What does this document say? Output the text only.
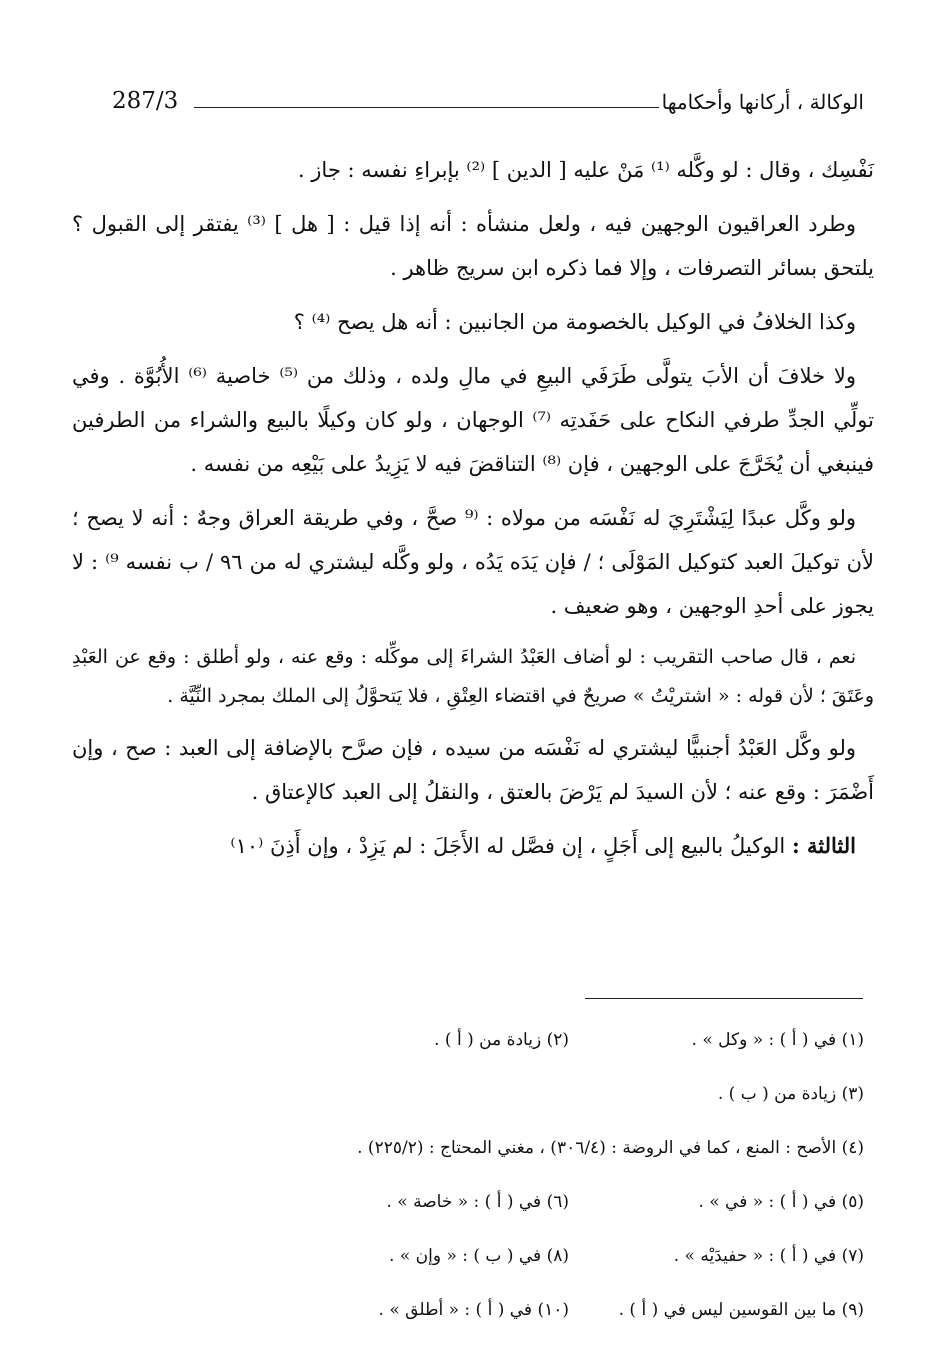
287/3	الوكالة ، أركانها وأحكامها

نَفْسِك ، وقال : لو وكَّله ⁽¹⁾ مَنْ عليه [ الدين ] ⁽²⁾ بإبراءِ نفسه : جاز .

وطرد العراقيون الوجهين فيه ، ولعل منشأه : أنه إذا قيل : [ هل ] ⁽³⁾ يفتقر إلى القبول ؟ يلتحق بسائر التصرفات ، وإلا فما ذكره ابن سريج ظاهر .

وكذا الخلافُ في الوكيل بالخصومة من الجانبين : أنه هل يصح ⁽⁴⁾ ؟

ولا خلافَ أن الأبَ يتولَّى طَرَفَي البيعِ في مالِ ولده ، وذلك من ⁽⁵⁾ خاصية ⁽⁶⁾ الأُبُوَّة . وفي تولِّي الجدِّ طرفي النكاح على حَفَدتِه ⁽⁷⁾ الوجهان ، ولو كان وكيلًا بالبيع والشراء من الطرفين فينبغي أن يُخَرَّجَ على الوجهين ، فإن ⁽⁸⁾ التناقضَ فيه لا يَزِيدُ على بَيْعِه من نفسه .

ولو وكَّل عبدًا لِيَشْتَرِيَ له نَفْسَه من مولاه : ⁽⁹ صحَّ ، وفي طريقة العراق وجهٌ : أنه لا يصح ؛ لأن توكيلَ العبد كتوكيل المَوْلَى ؛ / فإن يَدَه يَدُه ، ولو وكَّله ليشتري له من ٩٦ / ب نفسه ⁹⁾ : لا يجوز على أحدِ الوجهين ، وهو ضعيف .

نعم ، قال صاحب التقريب : لو أضاف العَبْدُ الشراءَ إلى موكِّله : وقع عنه ، ولو أطلق : وقع عن العَبْدِ وعَتَقَ ؛ لأن قوله : « اشتريْتُ » صريحٌ في اقتضاء العِتْقِ ، فلا يَتحوَّلُ إلى الملك بمجرد النِّيَّة .

ولو وكَّل العَبْدُ أجنبيًّا ليشتري له نَفْسَه من سيده ، فإن صرَّح بالإضافة إلى العبد : صح ، وإن أَضْمَرَ : وقع عنه ؛ لأن السيدَ لم يَرْضَ بالعتق ، والنقلُ إلى العبد كالإعتاق .

الثالثة : الوكيلُ بالبيع إلى أَجَلٍ ، إن فصَّل له الأَجَلَ : لم يَزِدْ ، وإن أَذِنَ ⁽١٠⁾

(١) في ( أ ) : « وكل » .
(٢) زيادة من ( أ ) .
(٣) زيادة من ( ب ) .
(٤) الأصح : المنع ، كما في الروضة : (٣٠٦/٤) ، مغني المحتاج : (٢٢٥/٢) .
(٥) في ( أ ) : « في » .
(٦) في ( أ ) : « خاصة » .
(٧) في ( أ ) : « حفيدَيْه » .
(٨) في ( ب ) : « وإن » .
(٩) ما بين القوسين ليس في ( أ ) .
(١٠) في ( أ ) : « أطلق » .
